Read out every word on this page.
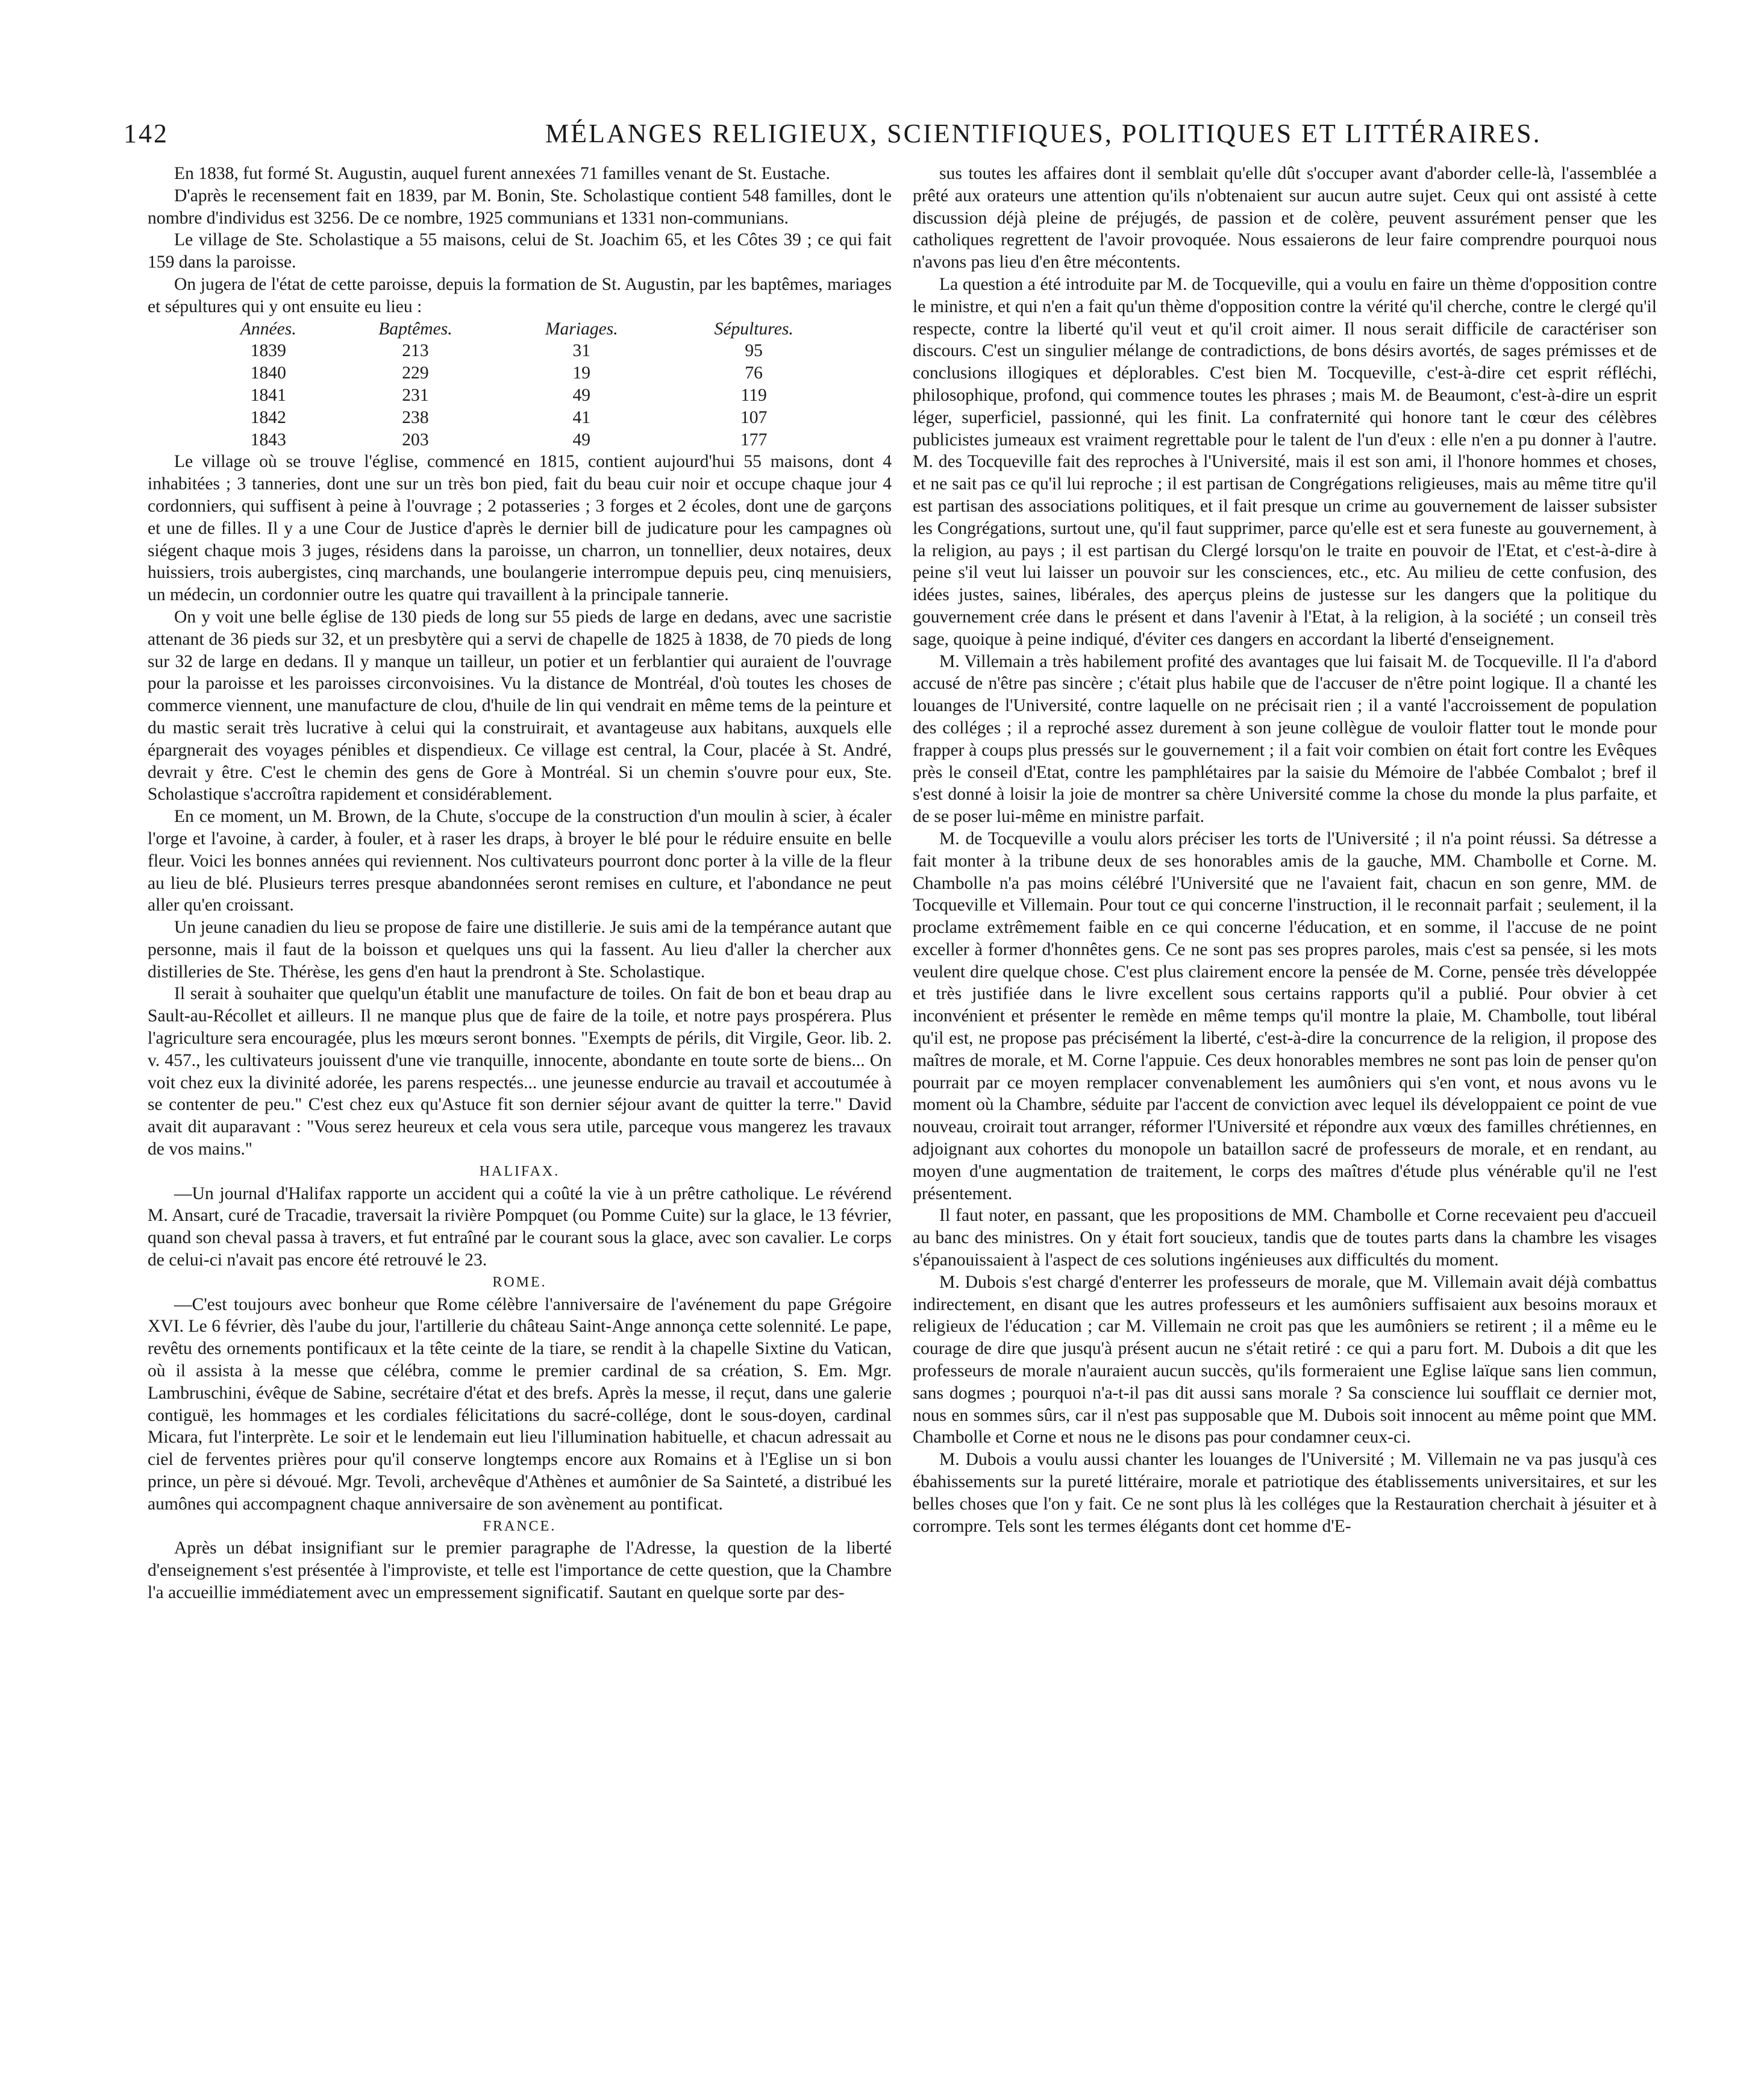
142	MÉLANGES RELIGIEUX, SCIENTIFIQUES, POLITIQUES ET LITTÉRAIRES.

En 1838, fut formé St. Augustin, auquel furent annexées 71 familles venant de St. Eustache.

D'après le recensement fait en 1839, par M. Bonin, Ste. Scholastique contient 548 familles, dont le nombre d'individus est 3256. De ce nombre, 1925 communians et 1331 non-communians.

Le village de Ste. Scholastique a 55 maisons, celui de St. Joachim 65, et les Côtes 39 ; ce qui fait 159 dans la paroisse.

On jugera de l'état de cette paroisse, depuis la formation de St. Augustin, par les baptêmes, mariages et sépultures qui y ont ensuite eu lieu :

Années.	Baptêmes.	Mariages.	Sépultures.
1839	213	31	95
1840	229	19	76
1841	231	49	119
1842	238	41	107
1843	203	49	177

Le village où se trouve l'église, commencé en 1815, contient aujourd'hui 55 maisons, dont 4 inhabitées ; 3 tanneries, dont une sur un très bon pied, fait du beau cuir noir et occupe chaque jour 4 cordonniers, qui suffisent à peine à l'ouvrage ; 2 potasseries ; 3 forges et 2 écoles, dont une de garçons et une de filles. Il y a une Cour de Justice d'après le dernier bill de judicature pour les campagnes où siégent chaque mois 3 juges, résidens dans la paroisse, un charron, un tonnellier, deux notaires, deux huissiers, trois aubergistes, cinq marchands, une boulangerie interrompue depuis peu, cinq menuisiers, un médecin, un cordonnier outre les quatre qui travaillent à la principale tannerie.

On y voit une belle église de 130 pieds de long sur 55 pieds de large en dedans, avec une sacristie attenant de 36 pieds sur 32, et un presbytère qui a servi de chapelle de 1825 à 1838, de 70 pieds de long sur 32 de large en dedans. Il y manque un tailleur, un potier et un ferblantier qui auraient de l'ouvrage pour la paroisse et les paroisses circonvoisines. Vu la distance de Montréal, d'où toutes les choses de commerce viennent, une manufacture de clou, d'huile de lin qui vendrait en même tems de la peinture et du mastic serait très lucrative à celui qui la construirait, et avantageuse aux habitans, auxquels elle épargnerait des voyages pénibles et dispendieux. Ce village est central, la Cour, placée à St. André, devrait y être. C'est le chemin des gens de Gore à Montréal. Si un chemin s'ouvre pour eux, Ste. Scholastique s'accroîtra rapidement et considérablement.

En ce moment, un M. Brown, de la Chute, s'occupe de la construction d'un moulin à scier, à écaler l'orge et l'avoine, à carder, à fouler, et à raser les draps, à broyer le blé pour le réduire ensuite en belle fleur. Voici les bonnes années qui reviennent. Nos cultivateurs pourront donc porter à la ville de la fleur au lieu de blé. Plusieurs terres presque abandonnées seront remises en culture, et l'abondance ne peut aller qu'en croissant.

Un jeune canadien du lieu se propose de faire une distillerie. Je suis ami de la tempérance autant que personne, mais il faut de la boisson et quelques uns qui la fassent. Au lieu d'aller la chercher aux distilleries de Ste. Thérèse, les gens d'en haut la prendront à Ste. Scholastique.

Il serait à souhaiter que quelqu'un établit une manufacture de toiles. On fait de bon et beau drap au Sault-au-Récollet et ailleurs. Il ne manque plus que de faire de la toile, et notre pays prospérera. Plus l'agriculture sera encouragée, plus les mœurs seront bonnes. "Exempts de périls, dit Virgile, Geor. lib. 2. v. 457., les cultivateurs jouissent d'une vie tranquille, innocente, abondante en toute sorte de biens... On voit chez eux la divinité adorée, les parens respectés... une jeunesse endurcie au travail et accoutumée à se contenter de peu." C'est chez eux qu'Astuce fit son dernier séjour avant de quitter la terre." David avait dit auparavant : "Vous serez heureux et cela vous sera utile, parceque vous mangerez les travaux de vos mains."

HALIFAX.

—Un journal d'Halifax rapporte un accident qui a coûté la vie à un prêtre catholique. Le révérend M. Ansart, curé de Tracadie, traversait la rivière Pompquet (ou Pomme Cuite) sur la glace, le 13 février, quand son cheval passa à travers, et fut entraîné par le courant sous la glace, avec son cavalier. Le corps de celui-ci n'avait pas encore été retrouvé le 23.

ROME.

—C'est toujours avec bonheur que Rome célèbre l'anniversaire de l'avénement du pape Grégoire XVI. Le 6 février, dès l'aube du jour, l'artillerie du château Saint-Ange annonça cette solennité. Le pape, revêtu des ornements pontificaux et la tête ceinte de la tiare, se rendit à la chapelle Sixtine du Vatican, où il assista à la messe que célébra, comme le premier cardinal de sa création, S. Em. Mgr. Lambruschini, évêque de Sabine, secrétaire d'état et des brefs. Après la messe, il reçut, dans une galerie contiguë, les hommages et les cordiales félicitations du sacré-collége, dont le sous-doyen, cardinal Micara, fut l'interprète. Le soir et le lendemain eut lieu l'illumination habituelle, et chacun adressait au ciel de ferventes prières pour qu'il conserve longtemps encore aux Romains et à l'Eglise un si bon prince, un père si dévoué. Mgr. Tevoli, archevêque d'Athènes et aumônier de Sa Sainteté, a distribué les aumônes qui accompagnent chaque anniversaire de son avènement au pontificat.

FRANCE.

Après un débat insignifiant sur le premier paragraphe de l'Adresse, la question de la liberté d'enseignement s'est présentée à l'improviste, et telle est l'importance de cette question, que la Chambre l'a accueillie immédiatement avec un empressement significatif. Sautant en quelque sorte par des-

sus toutes les affaires dont il semblait qu'elle dût s'occuper avant d'aborder celle-là, l'assemblée a prêté aux orateurs une attention qu'ils n'obtenaient sur aucun autre sujet. Ceux qui ont assisté à cette discussion déjà pleine de préjugés, de passion et de colère, peuvent assurément penser que les catholiques regrettent de l'avoir provoquée. Nous essaierons de leur faire comprendre pourquoi nous n'avons pas lieu d'en être mécontents.

La question a été introduite par M. de Tocqueville, qui a voulu en faire un thème d'opposition contre le ministre, et qui n'en a fait qu'un thème d'opposition contre la vérité qu'il cherche, contre le clergé qu'il respecte, contre la liberté qu'il veut et qu'il croit aimer. Il nous serait difficile de caractériser son discours. C'est un singulier mélange de contradictions, de bons désirs avortés, de sages prémisses et de conclusions illogiques et déplorables. C'est bien M. Tocqueville, c'est-à-dire cet esprit réfléchi, philosophique, profond, qui commence toutes les phrases ; mais M. de Beaumont, c'est-à-dire un esprit léger, superficiel, passionné, qui les finit. La confraternité qui honore tant le cœur des célèbres publicistes jumeaux est vraiment regrettable pour le talent de l'un d'eux : elle n'en a pu donner à l'autre. M. des Tocqueville fait des reproches à l'Université, mais il est son ami, il l'honore hommes et choses, et ne sait pas ce qu'il lui reproche ; il est partisan de Congrégations religieuses, mais au même titre qu'il est partisan des associations politiques, et il fait presque un crime au gouvernement de laisser subsister les Congrégations, surtout une, qu'il faut supprimer, parce qu'elle est et sera funeste au gouvernement, à la religion, au pays ; il est partisan du Clergé lorsqu'on le traite en pouvoir de l'Etat, et c'est-à-dire à peine s'il veut lui laisser un pouvoir sur les consciences, etc., etc. Au milieu de cette confusion, des idées justes, saines, libérales, des aperçus pleins de justesse sur les dangers que la politique du gouvernement crée dans le présent et dans l'avenir à l'Etat, à la religion, à la société ; un conseil très sage, quoique à peine indiqué, d'éviter ces dangers en accordant la liberté d'enseignement.

M. Villemain a très habilement profité des avantages que lui faisait M. de Tocqueville. Il l'a d'abord accusé de n'être pas sincère ; c'était plus habile que de l'accuser de n'être point logique. Il a chanté les louanges de l'Université, contre laquelle on ne précisait rien ; il a vanté l'accroissement de population des colléges ; il a reproché assez durement à son jeune collègue de vouloir flatter tout le monde pour frapper à coups plus pressés sur le gouvernement ; il a fait voir combien on était fort contre les Evêques près le conseil d'Etat, contre les pamphlétaires par la saisie du Mémoire de l'abbée Combalot ; bref il s'est donné à loisir la joie de montrer sa chère Université comme la chose du monde la plus parfaite, et de se poser lui-même en ministre parfait.

M. de Tocqueville a voulu alors préciser les torts de l'Université ; il n'a point réussi. Sa détresse a fait monter à la tribune deux de ses honorables amis de la gauche, MM. Chambolle et Corne. M. Chambolle n'a pas moins célébré l'Université que ne l'avaient fait, chacun en son genre, MM. de Tocqueville et Villemain. Pour tout ce qui concerne l'instruction, il le reconnait parfait ; seulement, il la proclame extrêmement faible en ce qui concerne l'éducation, et en somme, il l'accuse de ne point exceller à former d'honnêtes gens. Ce ne sont pas ses propres paroles, mais c'est sa pensée, si les mots veulent dire quelque chose. C'est plus clairement encore la pensée de M. Corne, pensée très développée et très justifiée dans le livre excellent sous certains rapports qu'il a publié. Pour obvier à cet inconvénient et présenter le remède en même temps qu'il montre la plaie, M. Chambolle, tout libéral qu'il est, ne propose pas précisément la liberté, c'est-à-dire la concurrence de la religion, il propose des maîtres de morale, et M. Corne l'appuie. Ces deux honorables membres ne sont pas loin de penser qu'on pourrait par ce moyen remplacer convenablement les aumôniers qui s'en vont, et nous avons vu le moment où la Chambre, séduite par l'accent de conviction avec lequel ils développaient ce point de vue nouveau, croirait tout arranger, réformer l'Université et répondre aux vœux des familles chrétiennes, en adjoignant aux cohortes du monopole un bataillon sacré de professeurs de morale, et en rendant, au moyen d'une augmentation de traitement, le corps des maîtres d'étude plus vénérable qu'il ne l'est présentement.

Il faut noter, en passant, que les propositions de MM. Chambolle et Corne recevaient peu d'accueil au banc des ministres. On y était fort soucieux, tandis que de toutes parts dans la chambre les visages s'épanouissaient à l'aspect de ces solutions ingénieuses aux difficultés du moment.

M. Dubois s'est chargé d'enterrer les professeurs de morale, que M. Villemain avait déjà combattus indirectement, en disant que les autres professeurs et les aumôniers suffisaient aux besoins moraux et religieux de l'éducation ; car M. Villemain ne croit pas que les aumôniers se retirent ; il a même eu le courage de dire que jusqu'à présent aucun ne s'était retiré : ce qui a paru fort. M. Dubois a dit que les professeurs de morale n'auraient aucun succès, qu'ils formeraient une Eglise laïque sans lien commun, sans dogmes ; pourquoi n'a-t-il pas dit aussi sans morale ? Sa conscience lui soufflait ce dernier mot, nous en sommes sûrs, car il n'est pas supposable que M. Dubois soit innocent au même point que MM. Chambolle et Corne et nous ne le disons pas pour condamner ceux-ci.

M. Dubois a voulu aussi chanter les louanges de l'Université ; M. Villemain ne va pas jusqu'à ces ébahissements sur la pureté littéraire, morale et patriotique des établissements universitaires, et sur les belles choses que l'on y fait. Ce ne sont plus là les colléges que la Restauration cherchait à jésuiter et à corrompre. Tels sont les termes élégants dont cet homme d'E-
